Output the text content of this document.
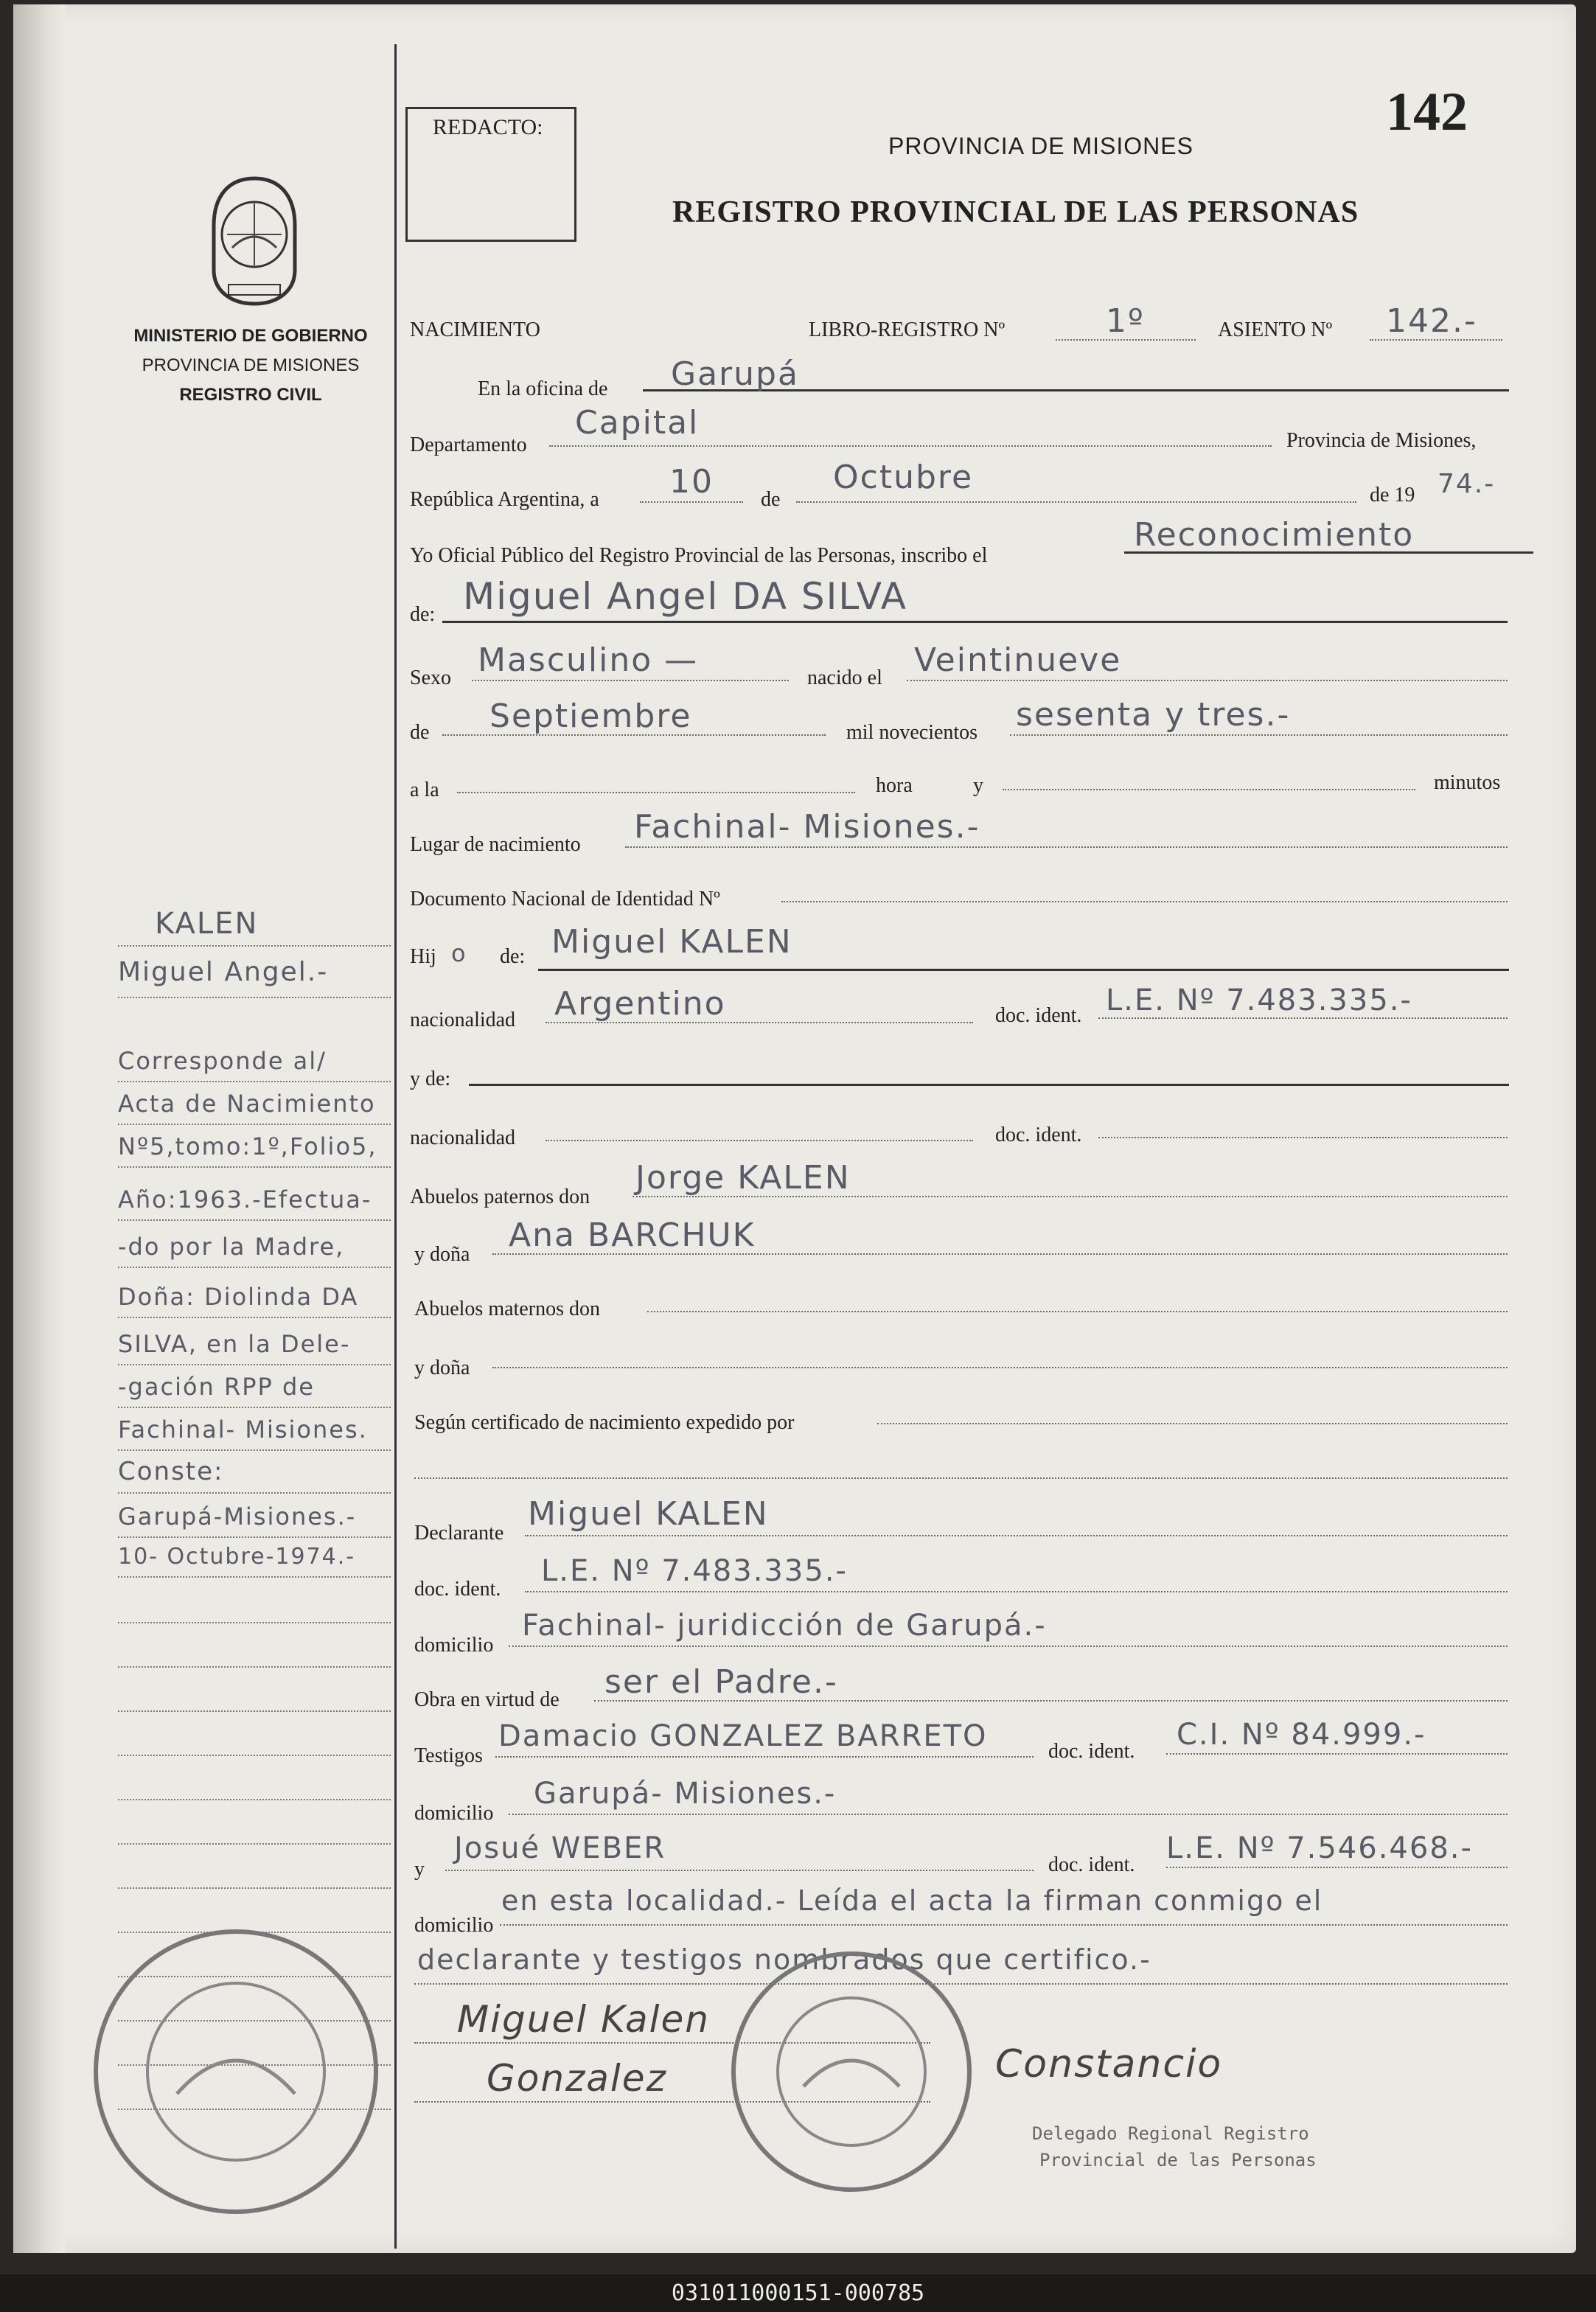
REDACTO:	142
PROVINCIA DE MISIONES
REGISTRO PROVINCIAL DE LAS PERSONAS
MINISTERIO DE GOBIERNO
PROVINCIA DE MISIONES
REGISTRO CIVIL
NACIMIENTO	LIBRO-REGISTRO Nº	1º	ASIENTO Nº 142.-
En la oficina de Garupá
Departamento
Capital	Provincia de Misiones,
República Argentina, a 10 de
Octubre	de 19 74.-
Yo Oficial Público del Registro Provincial de las Personas, inscribo el
Reconocimiento
de: Miguel Angel DA SILVA
Sexo Masculino —	nacido el Veintinueve
de Septiembre	mil novecientos sesenta y tres.-
a la	hora	y	minutos
Lugar de nacimiento Fachinal- Misiones.-
Documento Nacional de Identidad Nº
Hij o de: Miguel KALEN
nacionalidad Argentino	doc. ident. L.E. Nº 7.483.335.-
y de:
nacionalidad	doc. ident.
Abuelos paternos don
Jorge KALEN
y doña
Ana BARCHUK
Abuelos maternos don
y doña
Según certificado de nacimiento expedido por
Declarante
Miguel KALEN
doc. ident.
L.E. Nº 7.483.335.-
domicilio
Fachinal- juridicción de Garupá.-
Obra en virtud de ser el Padre.-
Testigos
Damacio GONZALEZ BARRETO	doc. ident. C.I. Nº 84.999.-
domicilio
Garupá- Misiones.-
y
Josué WEBER	doc. ident. L.E. Nº 7.546.468.-
domicilio
en esta localidad.- Leída el acta la firman conmigo el
declarante y testigos nombrados que certifico.-
KALEN
Miguel Angel.-
Corresponde al/
Acta de Nacimiento
Nº5,tomo:1º,Folio5,
Año:1963.-Efectua-
-do por la Madre,
Doña: Diolinda DA
SILVA, en la Dele-
-gación RPP de
Fachinal- Misiones.
Conste:
Garupá-Misiones.-
10- Octubre-1974.-
Miguel Kalen
Gonzalez	Constancio
Delegado Regional Registro
Provincial de las Personas
031011000151-000785
